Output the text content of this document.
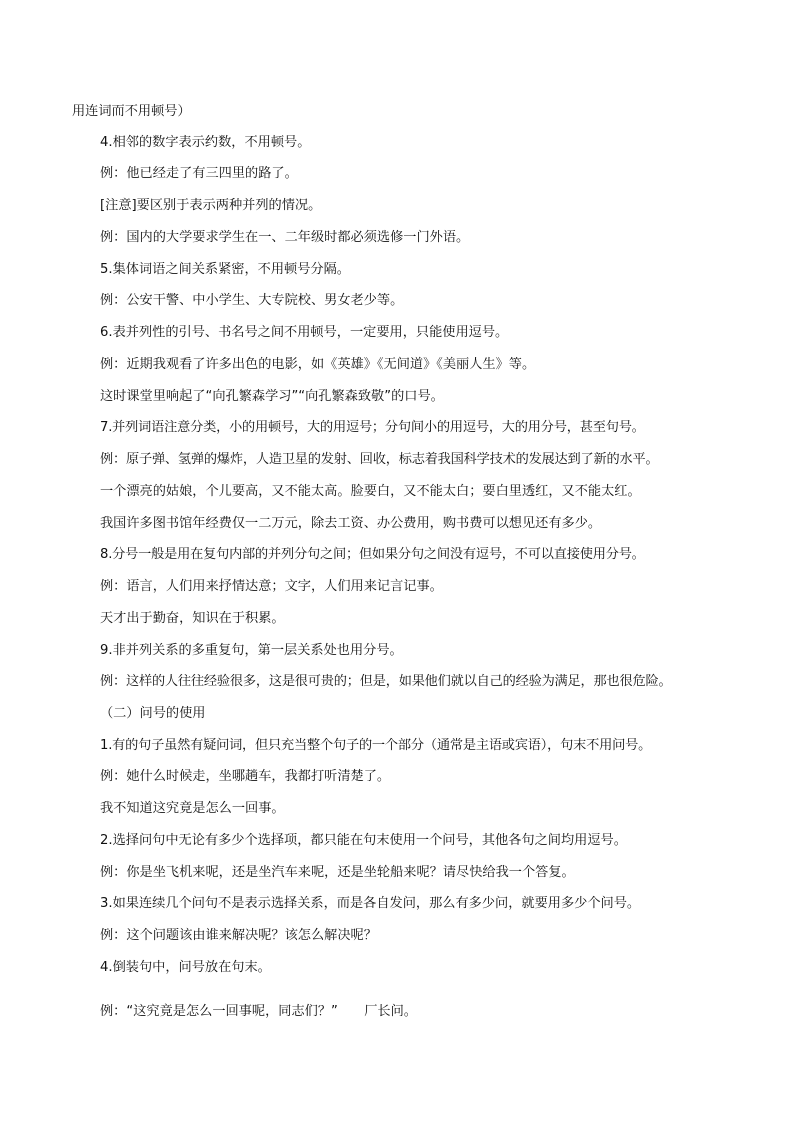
用连词而不用顿号）
4.相邻的数字表示约数，不用顿号。
例：他已经走了有三四里的路了。
[注意]要区别于表示两种并列的情况。
例：国内的大学要求学生在一、二年级时都必须选修一门外语。
5.集体词语之间关系紧密，不用顿号分隔。
例：公安干警、中小学生、大专院校、男女老少等。
6.表并列性的引号、书名号之间不用顿号，一定要用，只能使用逗号。
例：近期我观看了许多出色的电影，如《英雄》《无间道》《美丽人生》等。
这时课堂里响起了“向孔繁森学习”“向孔繁森致敬”的口号。
7.并列词语注意分类，小的用顿号，大的用逗号；分句间小的用逗号，大的用分号，甚至句号。
例：原子弹、氢弹的爆炸，人造卫星的发射、回收，标志着我国科学技术的发展达到了新的水平。
一个漂亮的姑娘，个儿要高，又不能太高。脸要白，又不能太白；要白里透红，又不能太红。
我国许多图书馆年经费仅一二万元，除去工资、办公费用，购书费可以想见还有多少。
8.分号一般是用在复句内部的并列分句之间；但如果分句之间没有逗号，不可以直接使用分号。
例：语言，人们用来抒情达意；文字，人们用来记言记事。
天才出于勤奋，知识在于积累。
9.非并列关系的多重复句，第一层关系处也用分号。
例：这样的人往往经验很多，这是很可贵的；但是，如果他们就以自己的经验为满足，那也很危险。
（二）问号的使用
1.有的句子虽然有疑问词，但只充当整个句子的一个部分（通常是主语或宾语），句末不用问号。
例：她什么时候走，坐哪趟车，我都打听清楚了。
我不知道这究竟是怎么一回事。
2.选择问句中无论有多少个选择项，都只能在句末使用一个问号，其他各句之间均用逗号。
例：你是坐飞机来呢，还是坐汽车来呢，还是坐轮船来呢？请尽快给我一个答复。
3.如果连续几个问句不是表示选择关系，而是各自发问，那么有多少问，就要用多少个问号。
例：这个问题该由谁来解决呢？该怎么解决呢？
4.倒装句中，问号放在句末。
例：“这究竟是怎么一回事呢，同志们？”　　厂长问。
